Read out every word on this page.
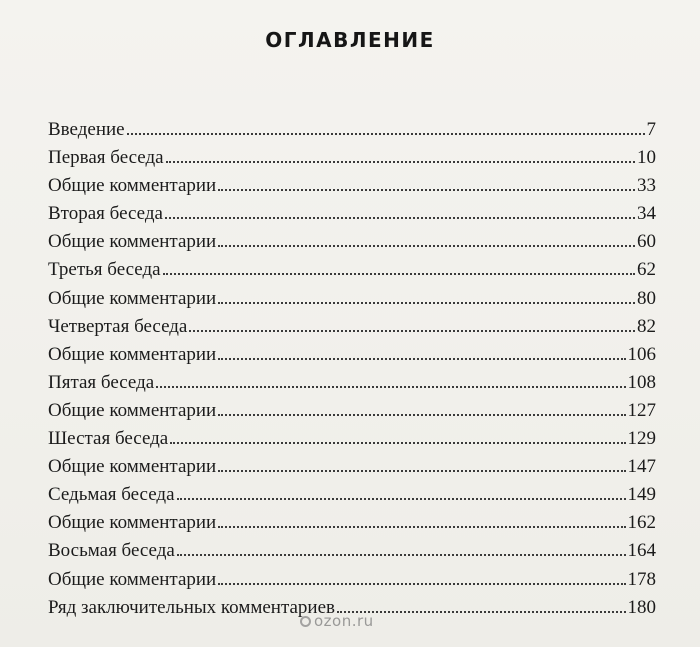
ОГЛАВЛЕНИЕ
Введение	7
Первая беседа	10
Общие комментарии	33
Вторая беседа	34
Общие комментарии	60
Третья беседа	62
Общие комментарии	80
Четвертая беседа	82
Общие комментарии	106
Пятая беседа	108
Общие комментарии	127
Шестая беседа	129
Общие комментарии	147
Седьмая беседа	149
Общие комментарии	162
Восьмая беседа	164
Общие комментарии	178
Ряд заключительных комментариев	180
ozon.ru
